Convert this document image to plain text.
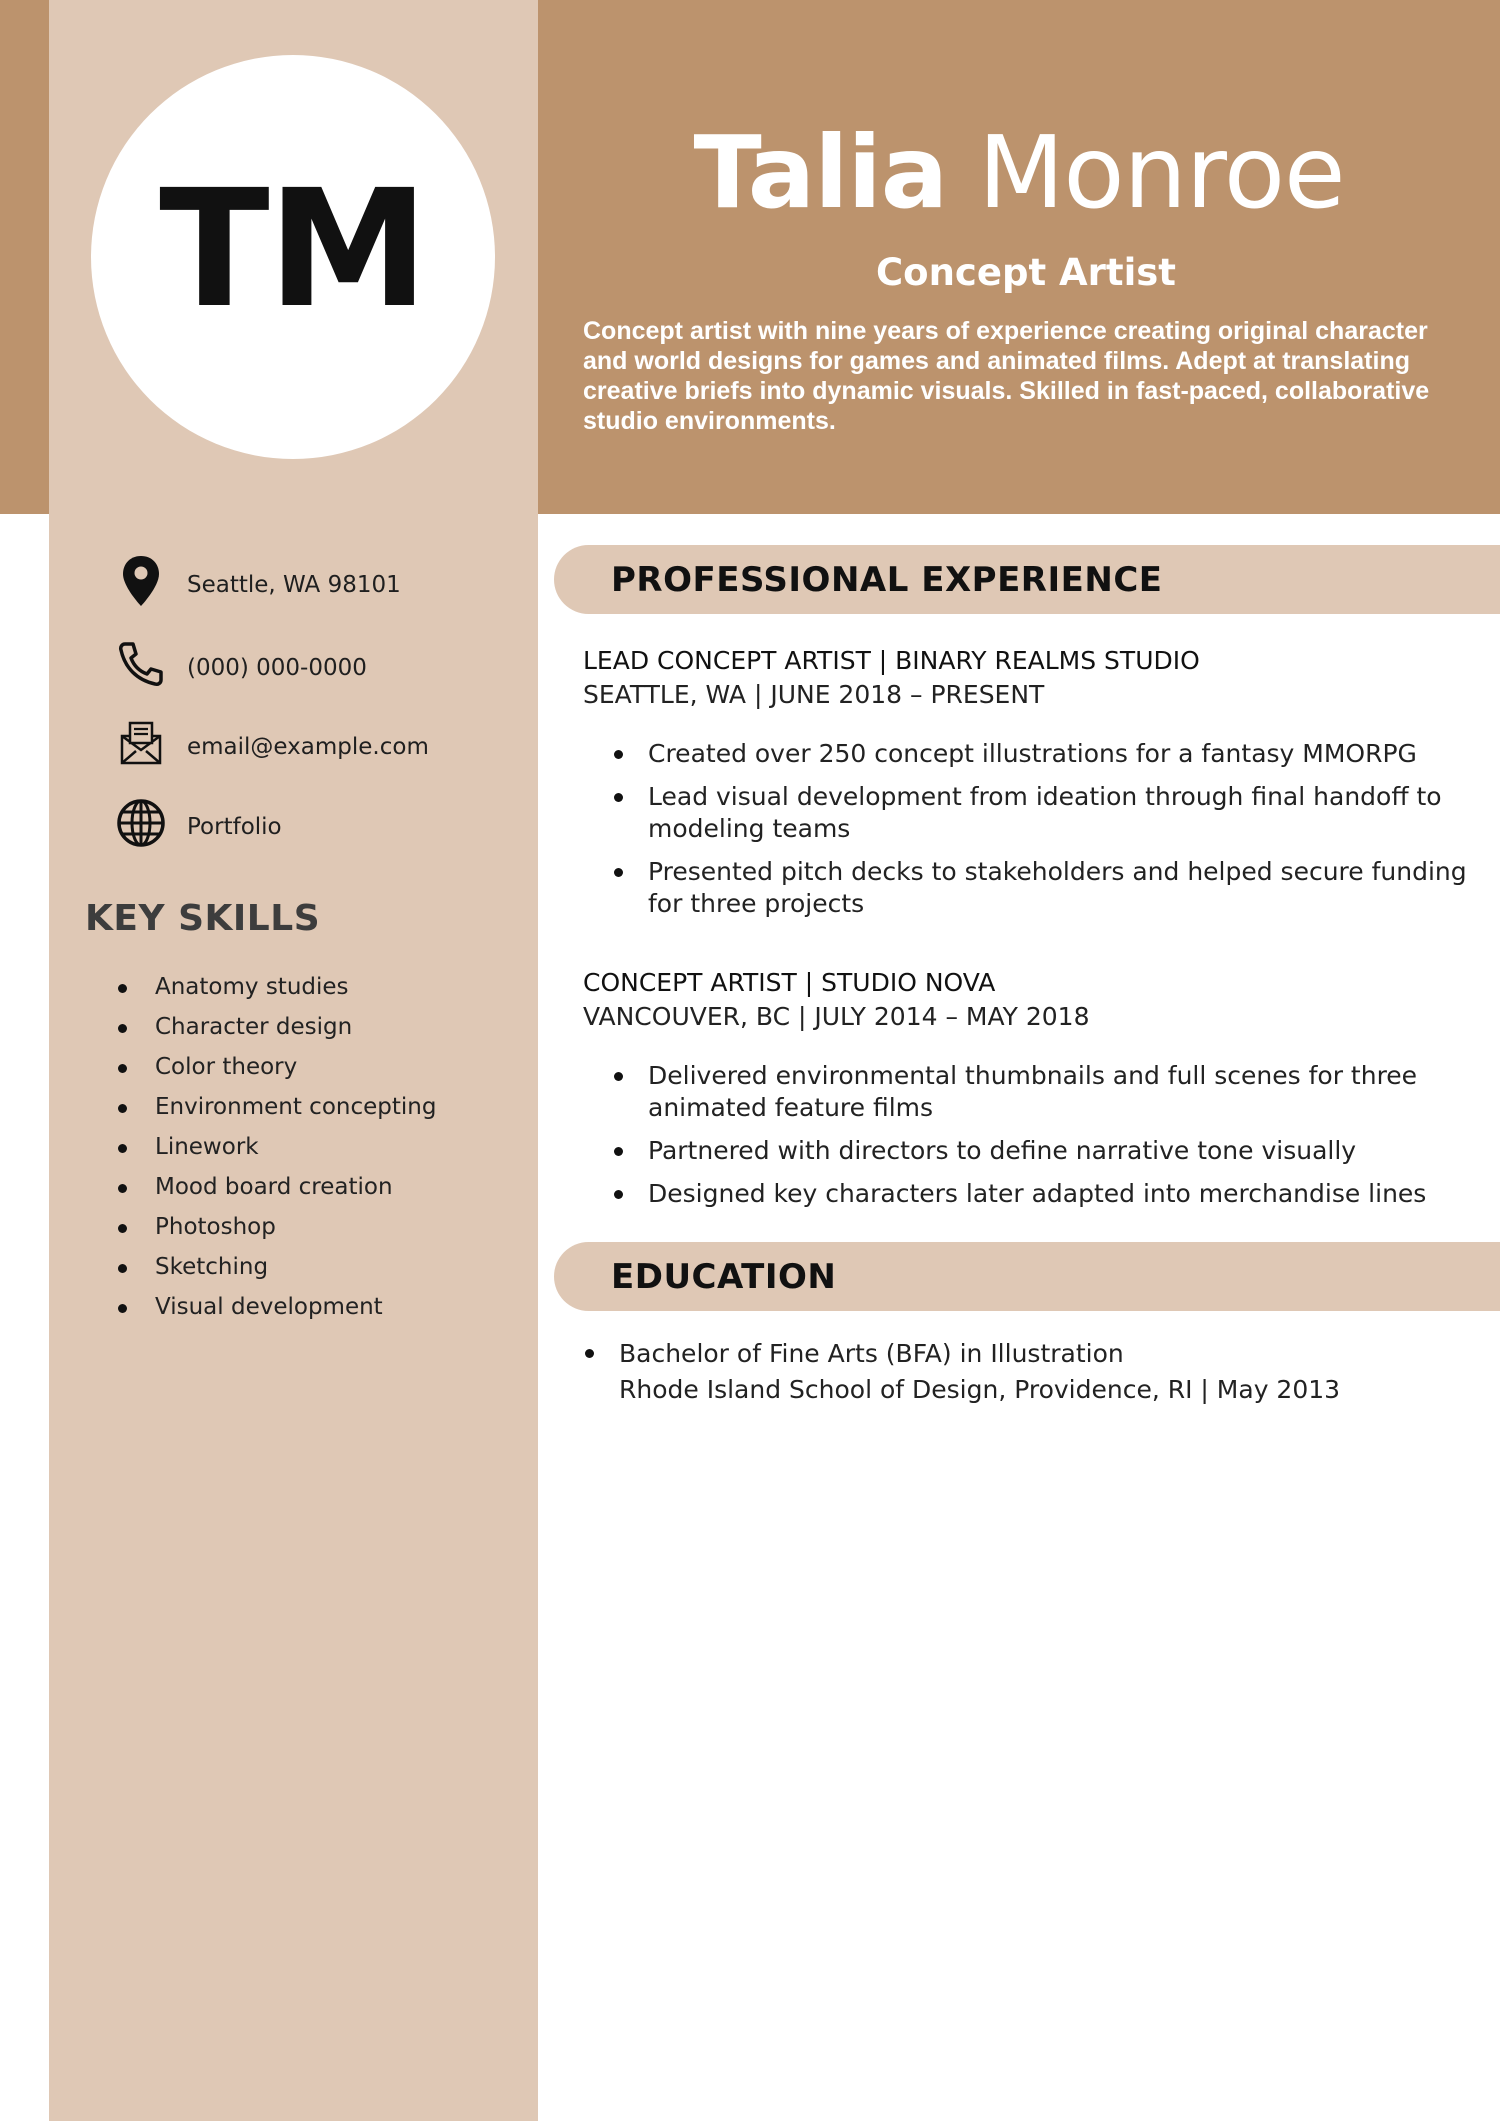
TM	Talia Monroe
Concept Artist
Concept artist with nine years of experience creating original character and world designs for games and animated films. Adept at translating creative briefs into dynamic visuals. Skilled in fast-paced, collaborative studio environments.
Seattle, WA 98101
(000) 000-0000
email@example.com
Portfolio
KEY SKILLS
Anatomy studies
Character design
Color theory
Environment concepting
Linework
Mood board creation
Photoshop
Sketching
Visual development
PROFESSIONAL EXPERIENCE
LEAD CONCEPT ARTIST | BINARY REALMS STUDIO
SEATTLE, WA | JUNE 2018 – PRESENT
Created over 250 concept illustrations for a fantasy MMORPG
Lead visual development from ideation through final handoff to modeling teams
Presented pitch decks to stakeholders and helped secure funding for three projects
CONCEPT ARTIST | STUDIO NOVA
VANCOUVER, BC | JULY 2014 – MAY 2018
Delivered environmental thumbnails and full scenes for three animated feature films
Partnered with directors to define narrative tone visually
Designed key characters later adapted into merchandise lines
EDUCATION
Bachelor of Fine Arts (BFA) in Illustration
Rhode Island School of Design, Providence, RI | May 2013
